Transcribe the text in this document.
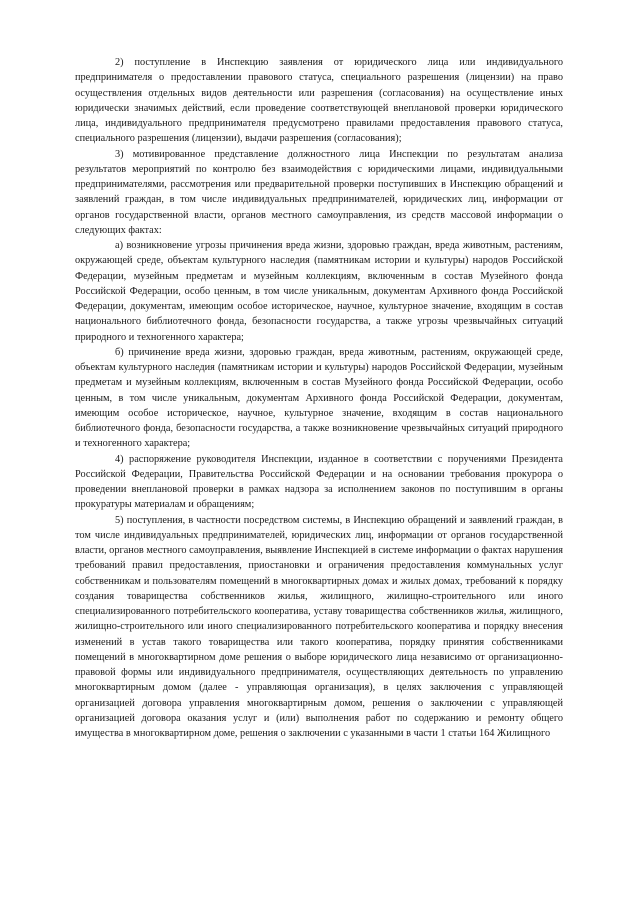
2) поступление в Инспекцию заявления от юридического лица или индивидуального предпринимателя о предоставлении правового статуса, специального разрешения (лицензии) на право осуществления отдельных видов деятельности или разрешения (согласования) на осуществление иных юридически значимых действий, если проведение соответствующей внеплановой проверки юридического лица, индивидуального предпринимателя предусмотрено правилами предоставления правового статуса, специального разрешения (лицензии), выдачи разрешения (согласования);

3) мотивированное представление должностного лица Инспекции по результатам анализа результатов мероприятий по контролю без взаимодействия с юридическими лицами, индивидуальными предпринимателями, рассмотрения или предварительной проверки поступивших в Инспекцию обращений и заявлений граждан, в том числе индивидуальных предпринимателей, юридических лиц, информации от органов государственной власти, органов местного самоуправления, из средств массовой информации о следующих фактах:

а) возникновение угрозы причинения вреда жизни, здоровью граждан, вреда животным, растениям, окружающей среде, объектам культурного наследия (памятникам истории и культуры) народов Российской Федерации, музейным предметам и музейным коллекциям, включенным в состав Музейного фонда Российской Федерации, особо ценным, в том числе уникальным, документам Архивного фонда Российской Федерации, документам, имеющим особое историческое, научное, культурное значение, входящим в состав национального библиотечного фонда, безопасности государства, а также угрозы чрезвычайных ситуаций природного и техногенного характера;

б) причинение вреда жизни, здоровью граждан, вреда животным, растениям, окружающей среде, объектам культурного наследия (памятникам истории и культуры) народов Российской Федерации, музейным предметам и музейным коллекциям, включенным в состав Музейного фонда Российской Федерации, особо ценным, в том числе уникальным, документам Архивного фонда Российской Федерации, документам, имеющим особое историческое, научное, культурное значение, входящим в состав национального библиотечного фонда, безопасности государства, а также возникновение чрезвычайных ситуаций природного и техногенного характера;

4) распоряжение руководителя Инспекции, изданное в соответствии с поручениями Президента Российской Федерации, Правительства Российской Федерации и на основании требования прокурора о проведении внеплановой проверки в рамках надзора за исполнением законов по поступившим в органы прокуратуры материалам и обращениям;

5) поступления, в частности посредством системы, в Инспекцию обращений и заявлений граждан, в том числе индивидуальных предпринимателей, юридических лиц, информации от органов государственной власти, органов местного самоуправления, выявление Инспекцией в системе информации о фактах нарушения требований правил предоставления, приостановки и ограничения предоставления коммунальных услуг собственникам и пользователям помещений в многоквартирных домах и жилых домах, требований к порядку создания товарищества собственников жилья, жилищного, жилищно-строительного или иного специализированного потребительского кооператива, уставу товарищества собственников жилья, жилищного, жилищно-строительного или иного специализированного потребительского кооператива и порядку внесения изменений в устав такого товарищества или такого кооператива, порядку принятия собственниками помещений в многоквартирном доме решения о выборе юридического лица независимо от организационно-правовой формы или индивидуального предпринимателя, осуществляющих деятельность по управлению многоквартирным домом (далее - управляющая организация), в целях заключения с управляющей организацией договора управления многоквартирным домом, решения о заключении с управляющей организацией договора оказания услуг и (или) выполнения работ по содержанию и ремонту общего имущества в многоквартирном доме, решения о заключении с указанными в части 1 статьи 164 Жилищного
